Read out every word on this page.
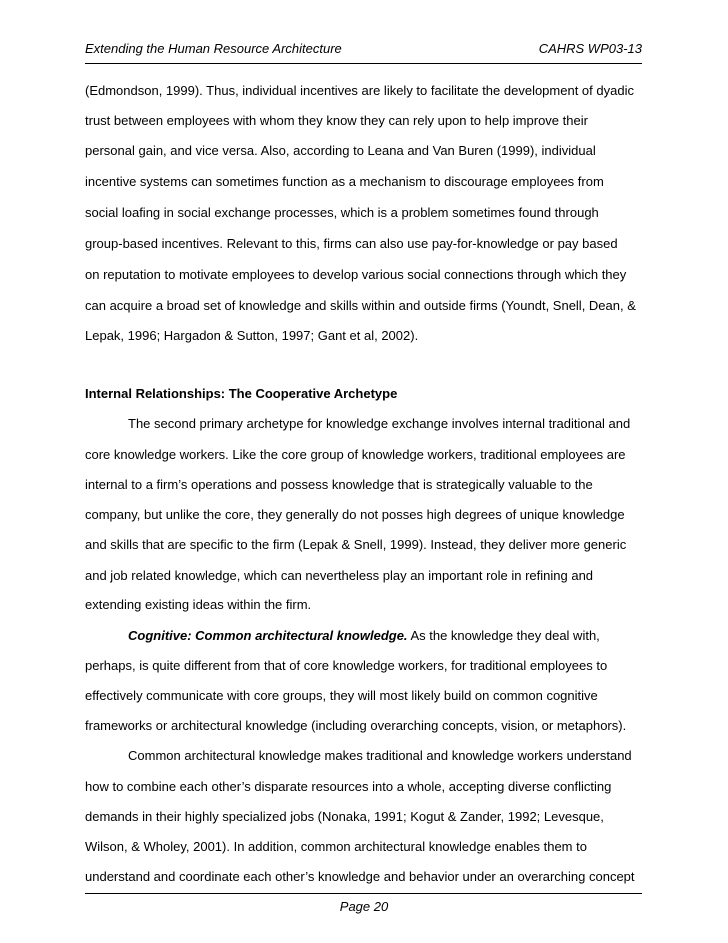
Extending the Human Resource Architecture	CAHRS WP03-13
(Edmondson, 1999). Thus, individual incentives are likely to facilitate the development of dyadic
trust between employees with whom they know they can rely upon to help improve their
personal gain, and vice versa. Also, according to Leana and Van Buren (1999), individual
incentive systems can sometimes function as a mechanism to discourage employees from
social loafing in social exchange processes, which is a problem sometimes found through
group-based incentives. Relevant to this, firms can also use pay-for-knowledge or pay based
on reputation to motivate employees to develop various social connections through which they
can acquire a broad set of knowledge and skills within and outside firms (Youndt, Snell, Dean, &
Lepak, 1996; Hargadon & Sutton, 1997; Gant et al, 2002).
Internal Relationships: The Cooperative Archetype
The second primary archetype for knowledge exchange involves internal traditional and
core knowledge workers. Like the core group of knowledge workers, traditional employees are
internal to a firm’s operations and possess knowledge that is strategically valuable to the
company, but unlike the core, they generally do not posses high degrees of unique knowledge
and skills that are specific to the firm (Lepak & Snell, 1999). Instead, they deliver more generic
and job related knowledge, which can nevertheless play an important role in refining and
extending existing ideas within the firm.
Cognitive: Common architectural knowledge. As the knowledge they deal with,
perhaps, is quite different from that of core knowledge workers, for traditional employees to
effectively communicate with core groups, they will most likely build on common cognitive
frameworks or architectural knowledge (including overarching concepts, vision, or metaphors).
Common architectural knowledge makes traditional and knowledge workers understand
how to combine each other’s disparate resources into a whole, accepting diverse conflicting
demands in their highly specialized jobs (Nonaka, 1991; Kogut & Zander, 1992; Levesque,
Wilson, & Wholey, 2001). In addition, common architectural knowledge enables them to
understand and coordinate each other’s knowledge and behavior under an overarching concept
Page 20
